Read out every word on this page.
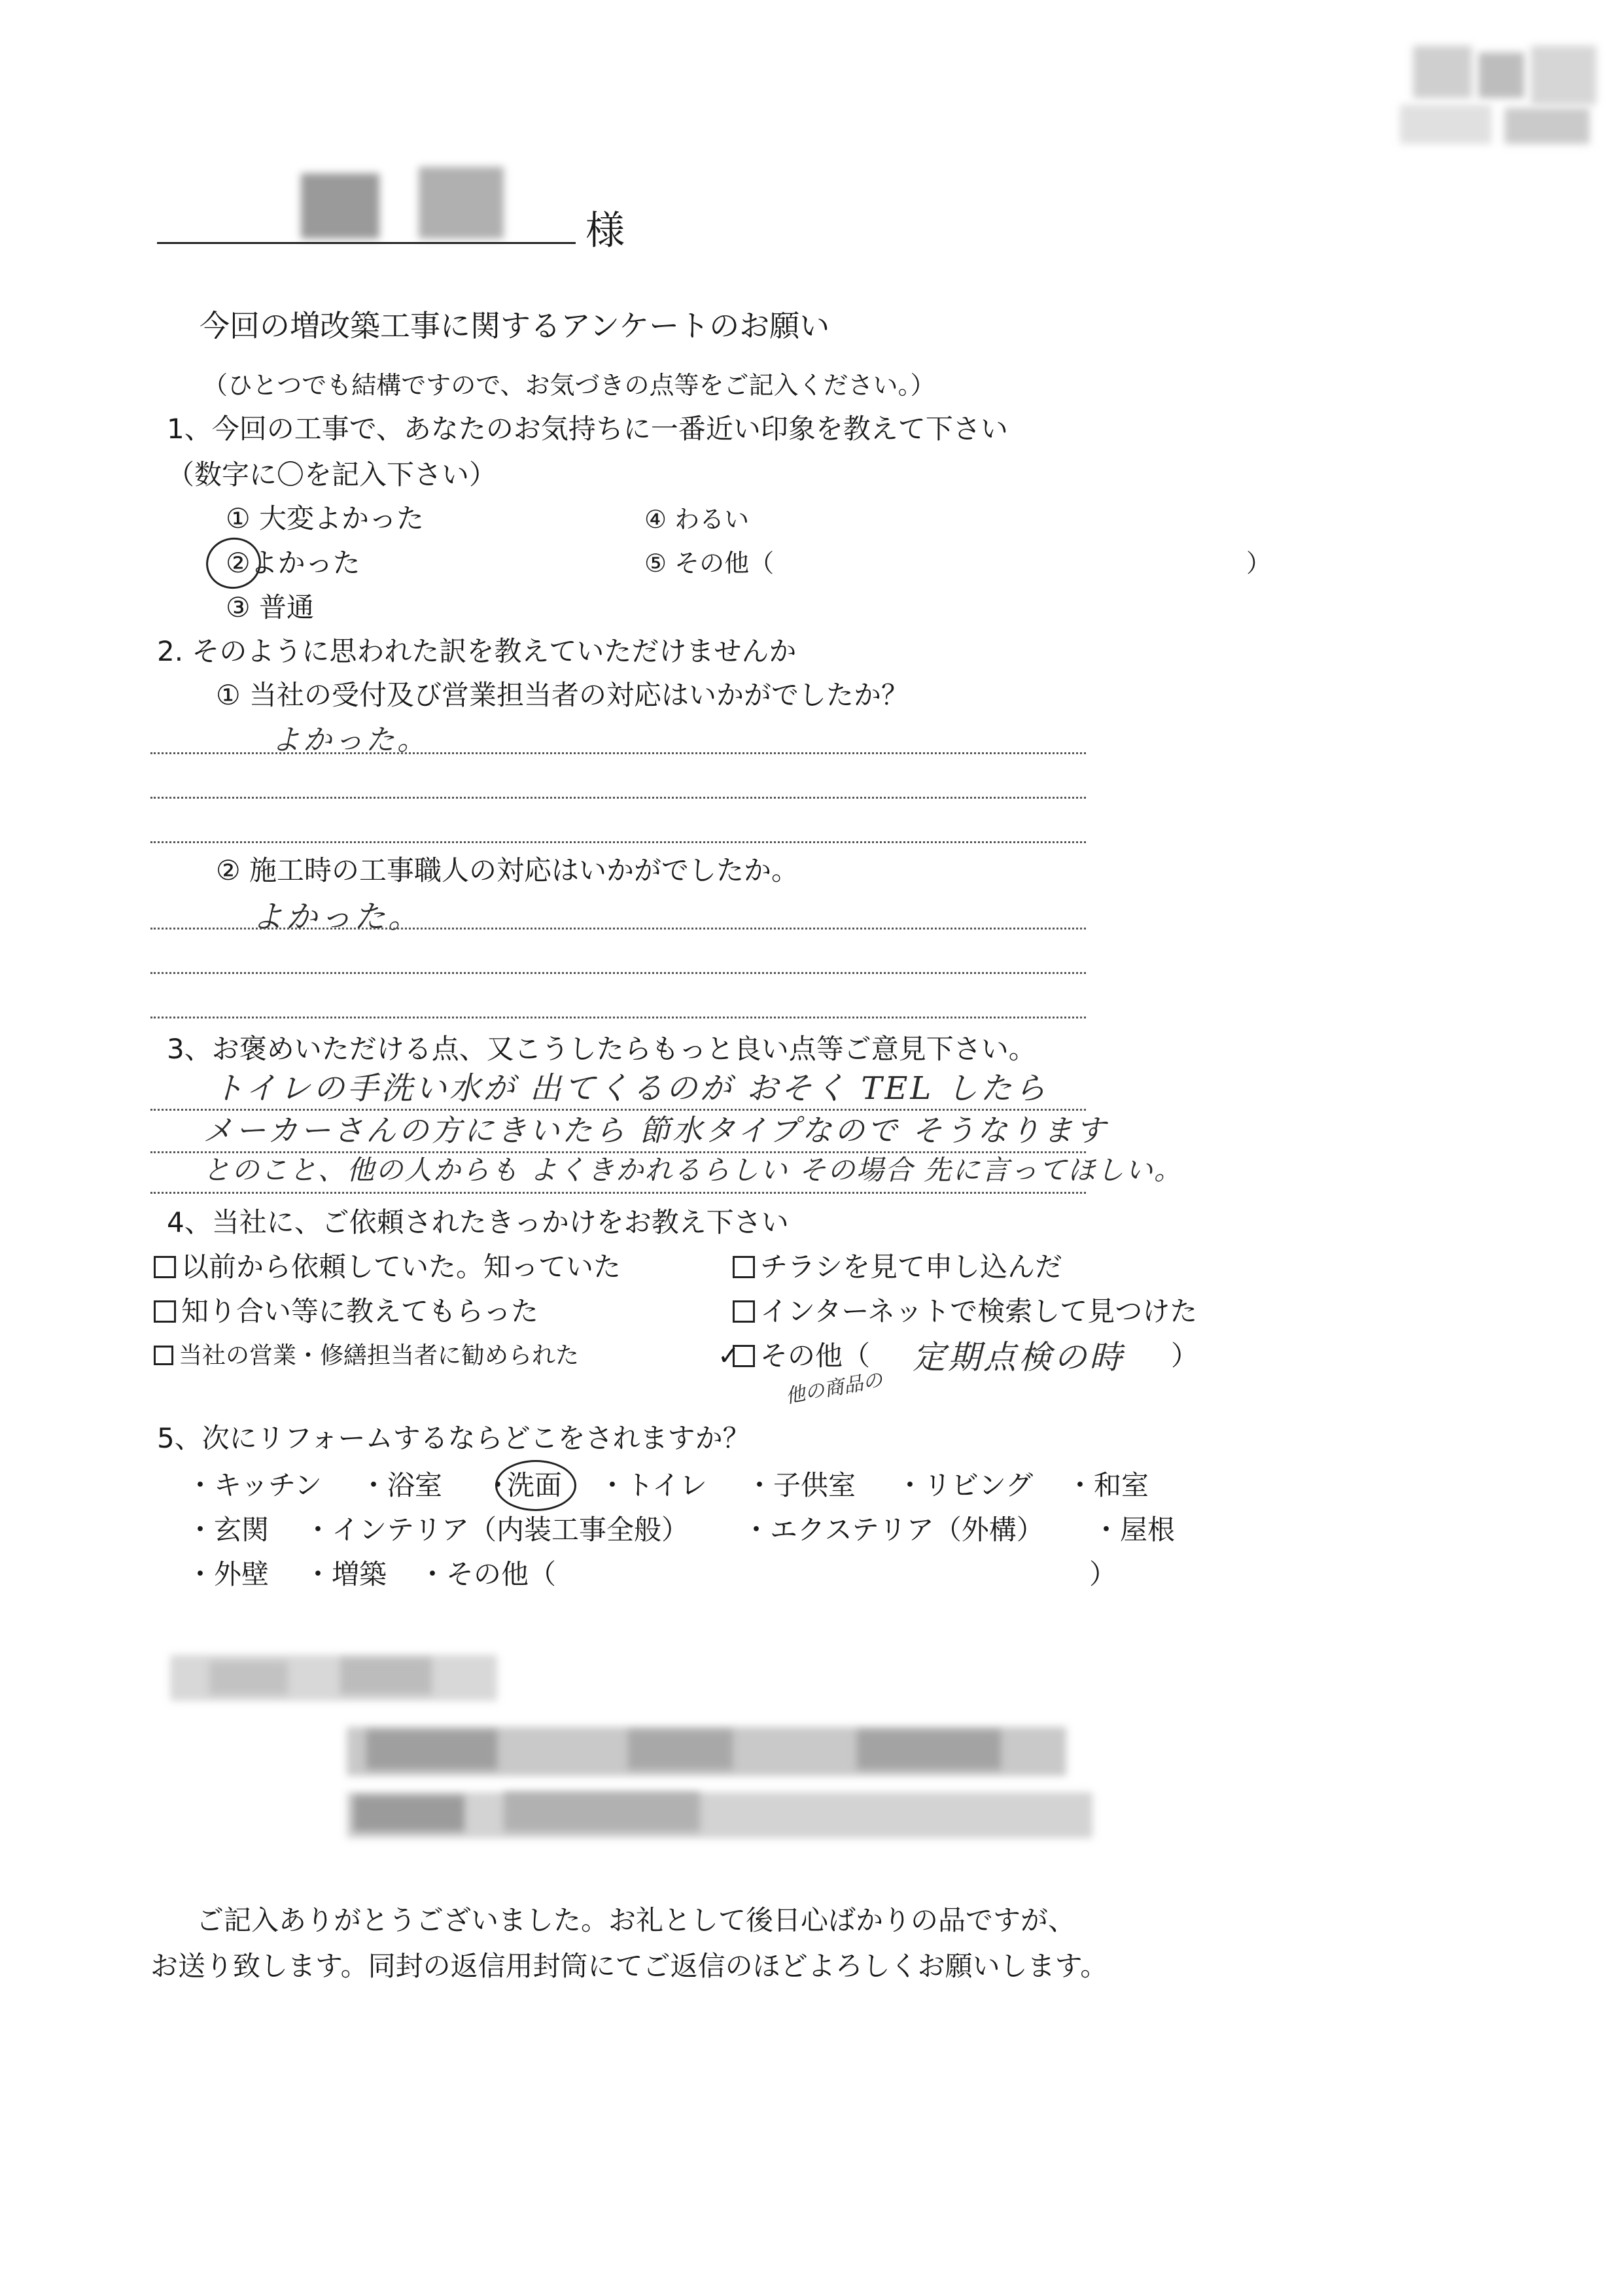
様
今回の増改築工事に関するアンケートのお願い
（ひとつでも結構ですので、お気づきの点等をご記入ください。）
1、今回の工事で、あなたのお気持ちに一番近い印象を教えて下さい
（数字に〇を記入下さい）
① 大変よかった
②よかった
③ 普通
④ わるい
⑤ その他（	）
2. そのように思われた訳を教えていただけませんか
① 当社の受付及び営業担当者の対応はいかがでしたか？
よかった。
② 施工時の工事職人の対応はいかがでしたか。
よかった。
3、お褒めいただける点、又こうしたらもっと良い点等ご意見下さい。
トイレの手洗い水が 出てくるのが おそく TEL したら
メーカーさんの方にきいたら 節水タイプなので そうなります
とのこと、他の人からも よくきかれるらしい その場合 先に言ってほしい。
4、当社に、ご依頼されたきっかけをお教え下さい
以前から依頼していた。知っていた
知り合い等に教えてもらった
当社の営業・修繕担当者に勧められた
チラシを見て申し込んだ
インターネットで検索して見つけた
✓ その他（ 定期点検の時
他の商品の
）
5、次にリフォームするならどこをされますか？
・キッチン ・浴室 ・
洗面 ・トイレ ・子供室 ・リビング ・和室
・玄関 ・インテリア（内装工事全般） ・エクステリア（外構） ・屋根
・外壁 ・増築 ・その他（	）
ご記入ありがとうございました。お礼として後日心ばかりの品ですが、
お送り致します。同封の返信用封筒にてご返信のほどよろしくお願いします。
